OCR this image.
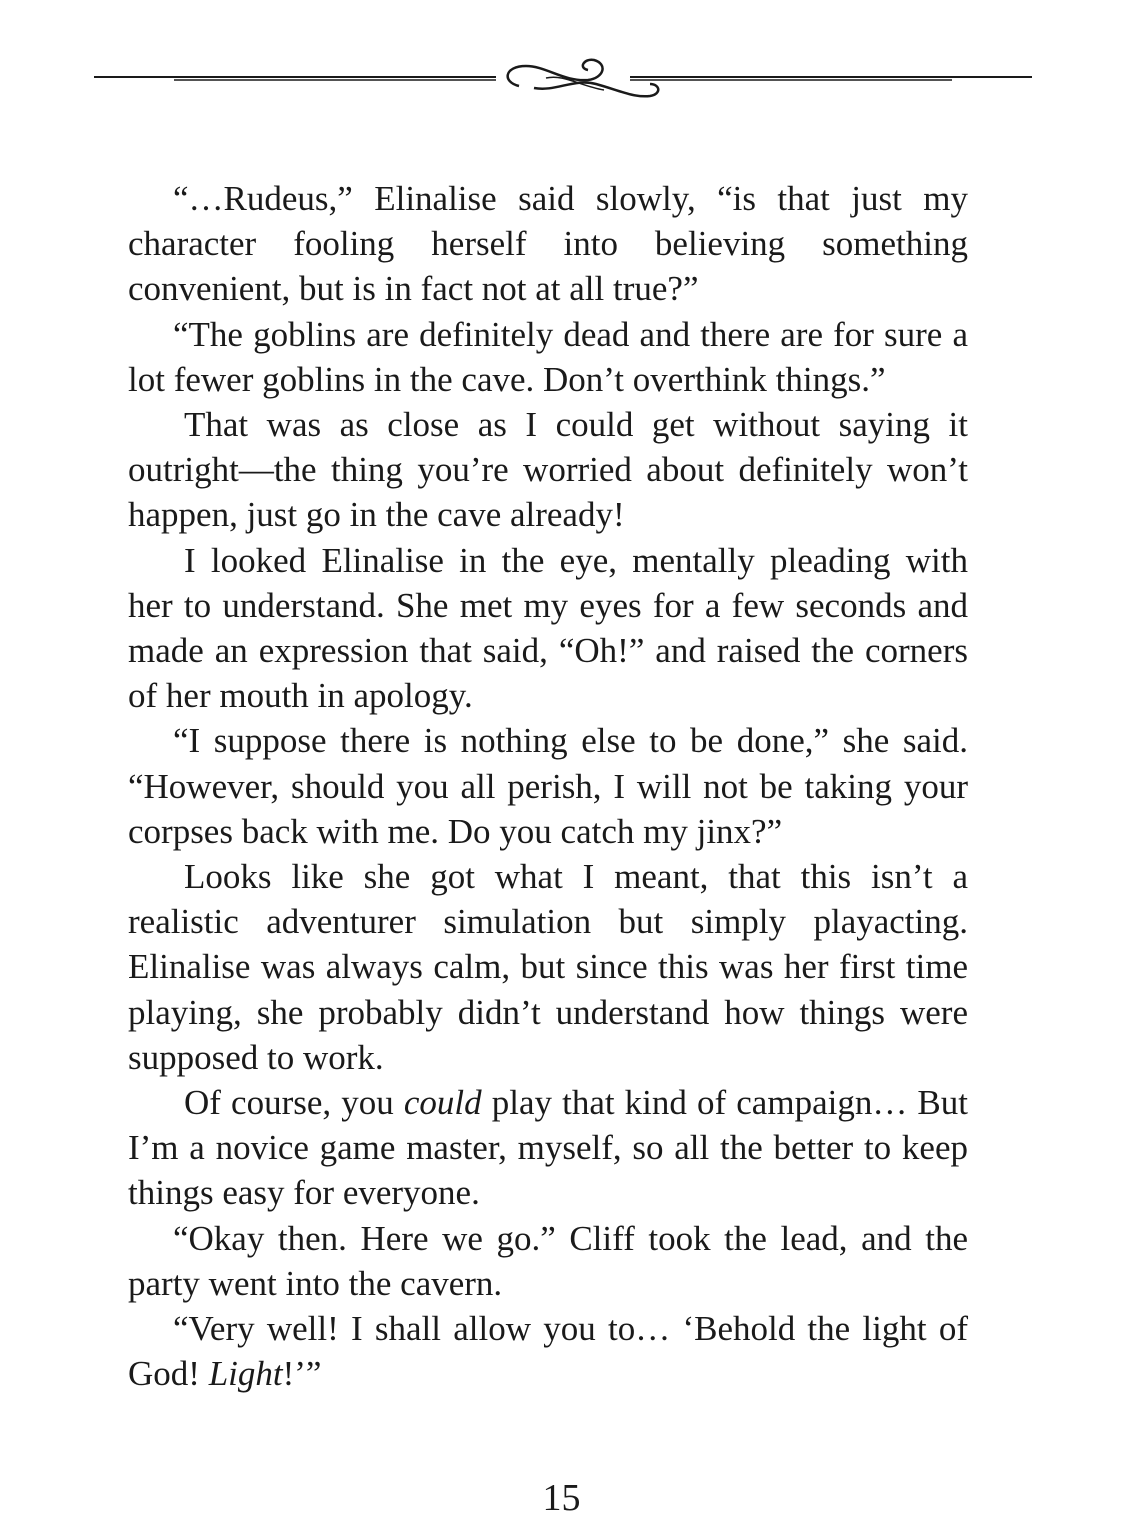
“…Rudeus,” Elinalise said slowly, “is that just my character fooling herself into believing something convenient, but is in fact not at all true?”

“The goblins are definitely dead and there are for sure a lot fewer goblins in the cave. Don’t overthink things.”

That was as close as I could get without saying it outright—the thing you’re worried about definitely won’t happen, just go in the cave already!

I looked Elinalise in the eye, mentally pleading with her to understand. She met my eyes for a few seconds and made an expression that said, “Oh!” and raised the corners of her mouth in apology.

“I suppose there is nothing else to be done,” she said. “However, should you all perish, I will not be taking your corpses back with me. Do you catch my jinx?”

Looks like she got what I meant, that this isn’t a realistic adventurer simulation but simply playacting. Elinalise was always calm, but since this was her first time playing, she probably didn’t understand how things were supposed to work.

Of course, you could play that kind of campaign… But I’m a novice game master, myself, so all the better to keep things easy for everyone.

“Okay then. Here we go.” Cliff took the lead, and the party went into the cavern.

“Very well! I shall allow you to… ‘Behold the light of God! Light!’”

15
